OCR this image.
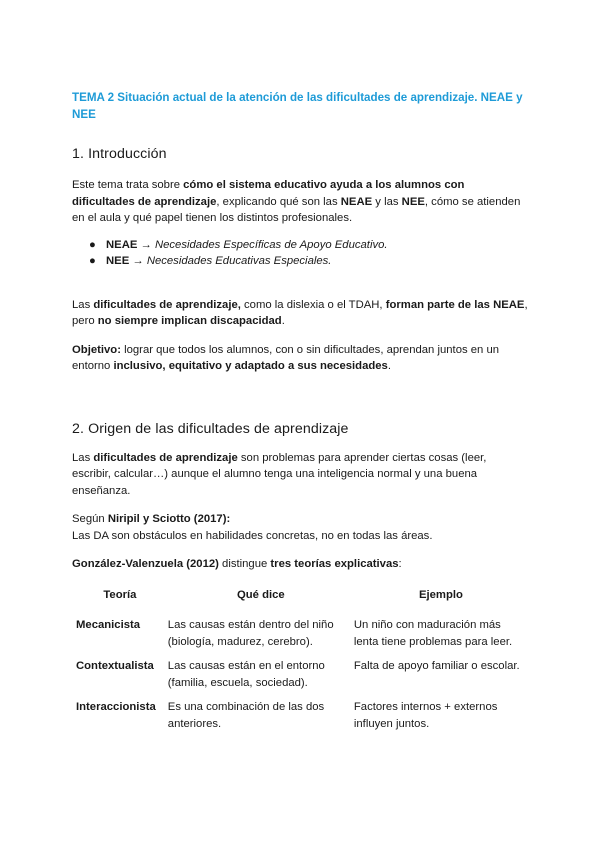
TEMA 2 Situación actual de la atención de las dificultades de aprendizaje. NEAE y NEE

1. Introducción

Este tema trata sobre cómo el sistema educativo ayuda a los alumnos con dificultades de aprendizaje, explicando qué son las NEAE y las NEE, cómo se atienden en el aula y qué papel tienen los distintos profesionales.

● NEAE → Necesidades Específicas de Apoyo Educativo.
● NEE → Necesidades Educativas Especiales.

Las dificultades de aprendizaje, como la dislexia o el TDAH, forman parte de las NEAE, pero no siempre implican discapacidad.

Objetivo: lograr que todos los alumnos, con o sin dificultades, aprendan juntos en un entorno inclusivo, equitativo y adaptado a sus necesidades.

2. Origen de las dificultades de aprendizaje

Las dificultades de aprendizaje son problemas para aprender ciertas cosas (leer, escribir, calcular…) aunque el alumno tenga una inteligencia normal y una buena enseñanza.

Según Niripil y Sciotto (2017):
Las DA son obstáculos en habilidades concretas, no en todas las áreas.

González-Valenzuela (2012) distingue tres teorías explicativas:

Teoría	Qué dice	Ejemplo
Mecanicista	Las causas están dentro del niño (biología, madurez, cerebro).	Un niño con maduración más lenta tiene problemas para leer.
Contextualista	Las causas están en el entorno (familia, escuela, sociedad).	Falta de apoyo familiar o escolar.
Interaccionista	Es una combinación de las dos anteriores.	Factores internos + externos influyen juntos.
